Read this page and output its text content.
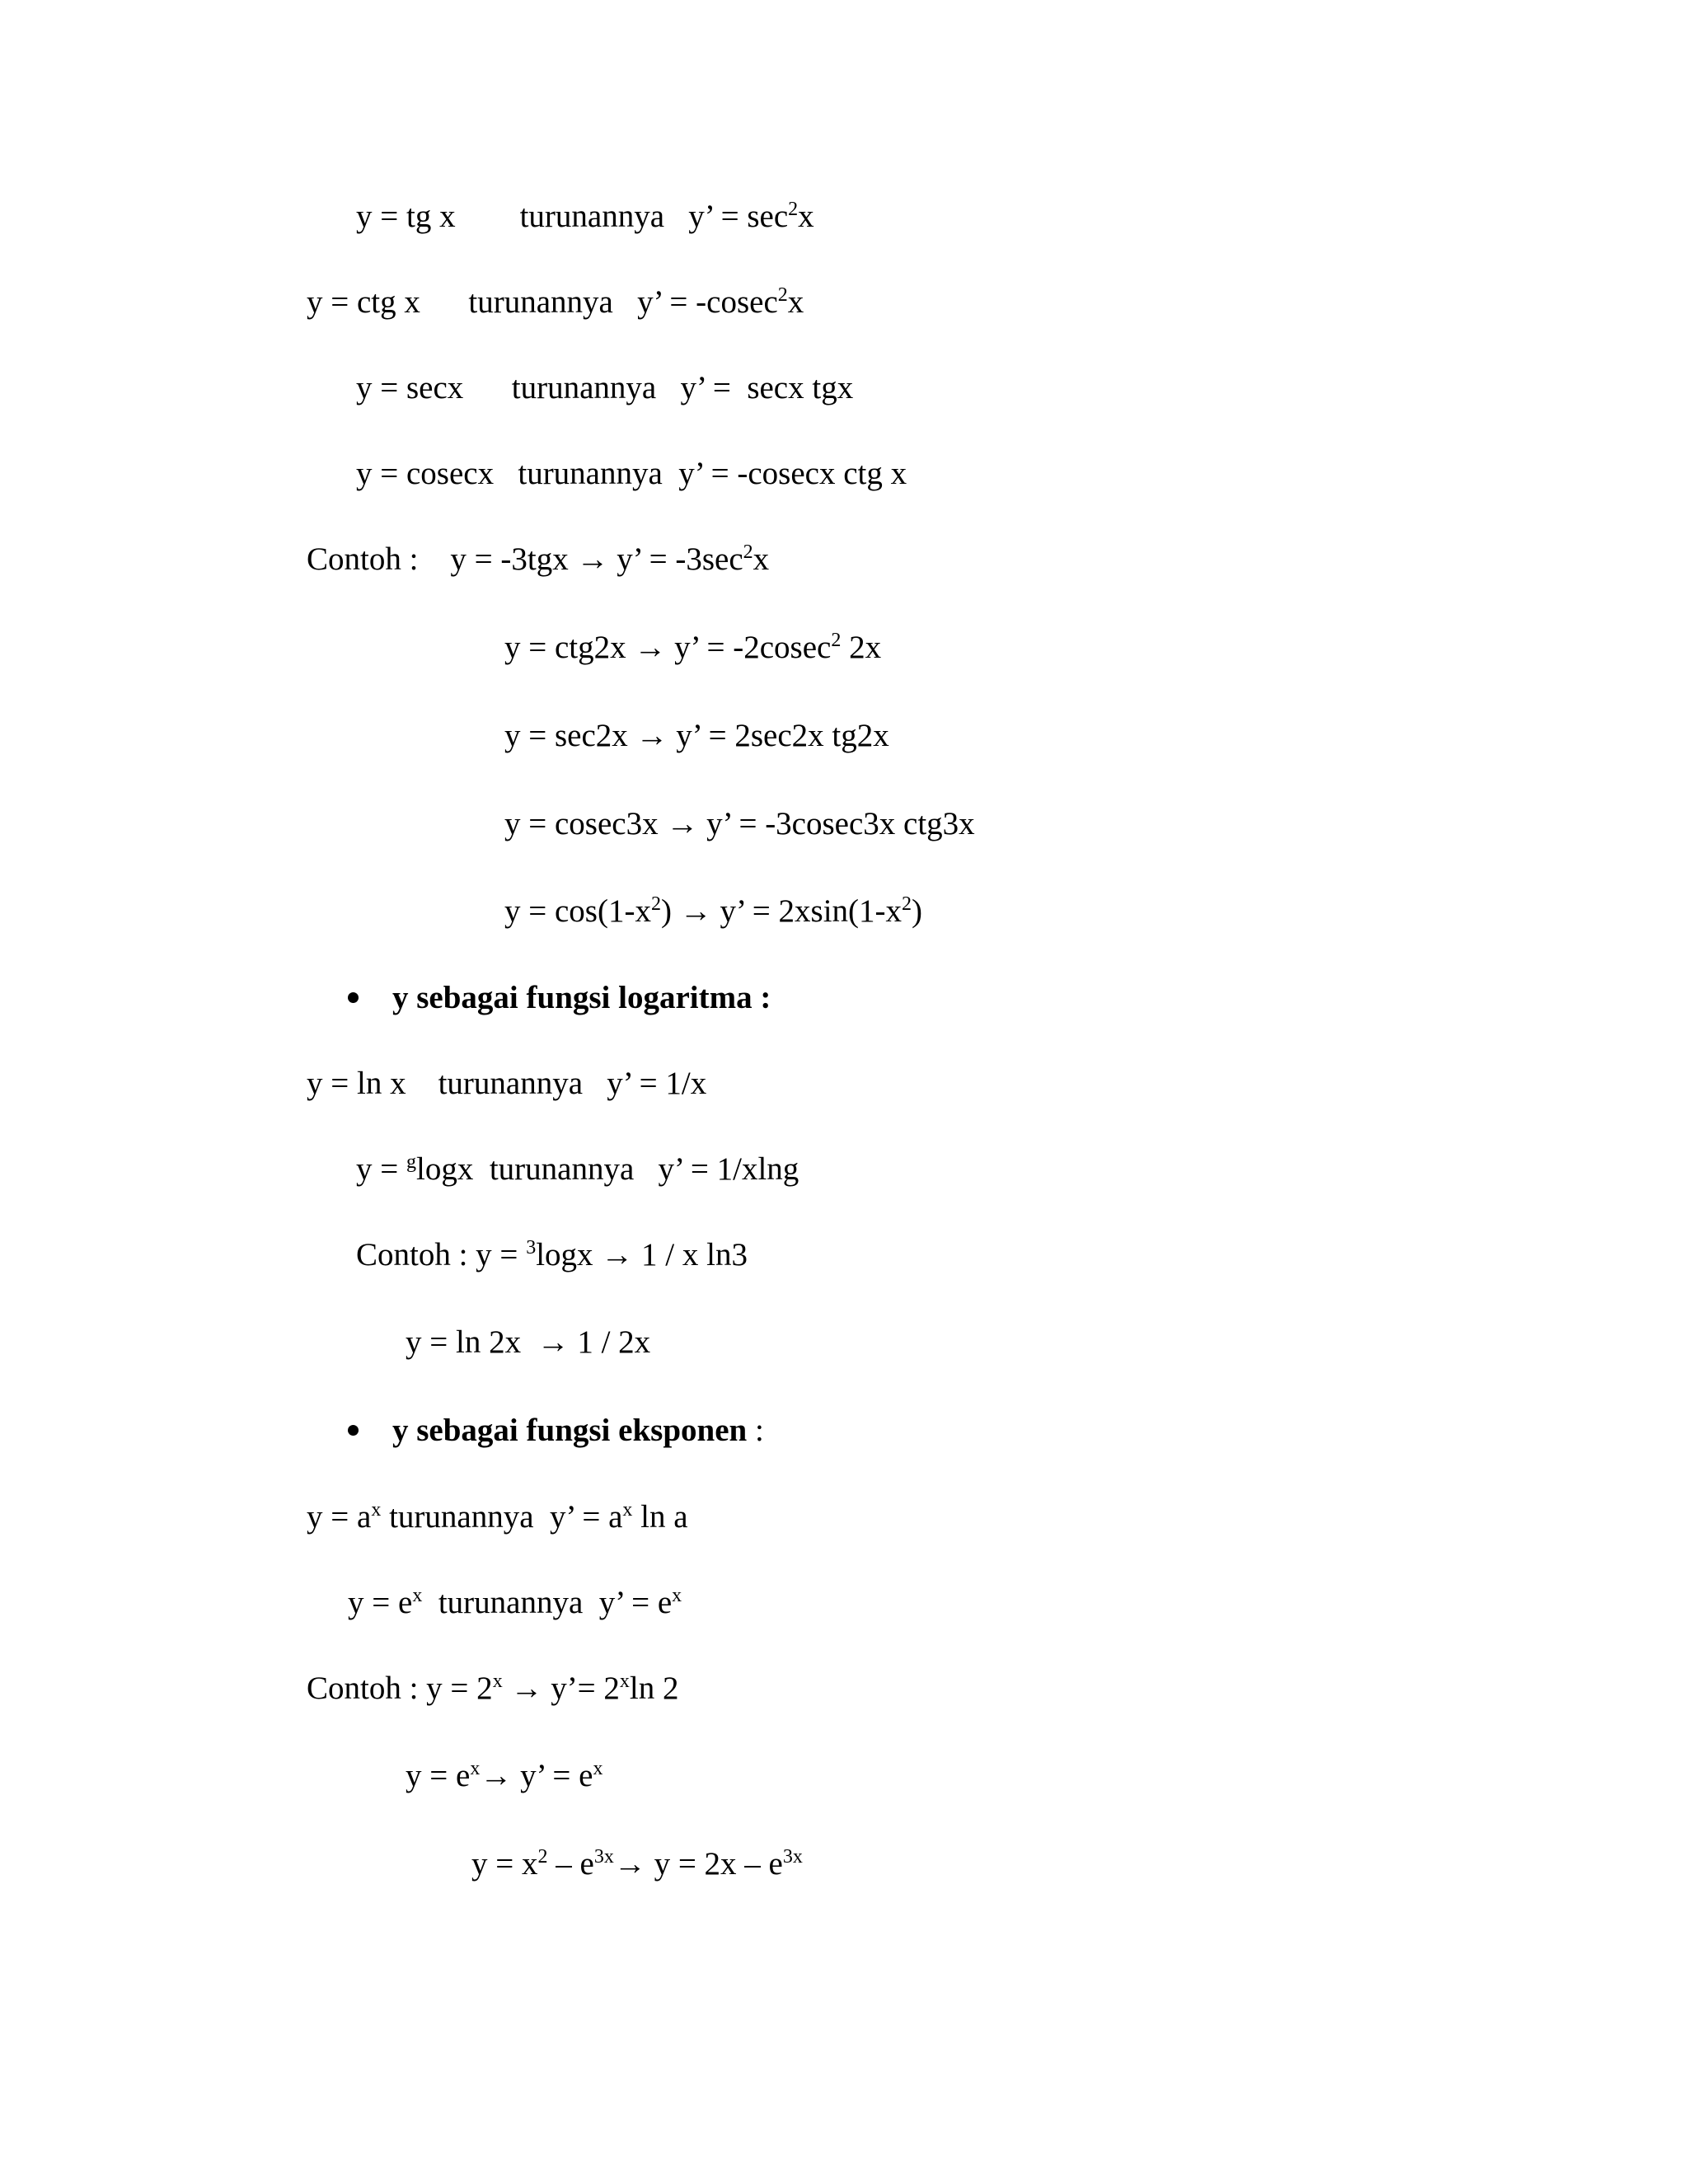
y = tg x        turunannya   y’ = $\sec^2x$
y = ctg x      turunannya   y’ = -cosec$^2$x
y = secx      turunannya   y’ =  secx tgx
y = cosecx   turunannya  y’ = -cosecx ctg x
Contoh :    y = -3tgx → y’ = $-3\sec^2x$
y = ctg2x → y’ = -2cosec$^2$ 2x
y = sec2x → y’ = 2sec2x tg2x
y = cosec3x → y’ = -3cosec3x ctg3x
$y = \cos(1-x^2) \to y$’ = $2xsin(1-x^2)$
y sebagai fungsi logaritma :
y = ln x    turunannya   y’ = 1/x
y = $^g$logx  turunannya   y’ = 1/xlng
Contoh : y = $^3$logx → 1 / x ln3
y = ln 2x  → 1 / 2x
y sebagai fungsi eksponen :
$y = a^x$ turunannya  y’ = $a^x$ ln a
$y = e^x$  turunannya  y’ = $e^x$
Contoh : $y = 2^x$ → y’= $2^x\ln$ 2
$y = e^x\to y$’ = $e^x$
$y = x^2 - e^{3x}\to y = 2x - e^{3x}$
